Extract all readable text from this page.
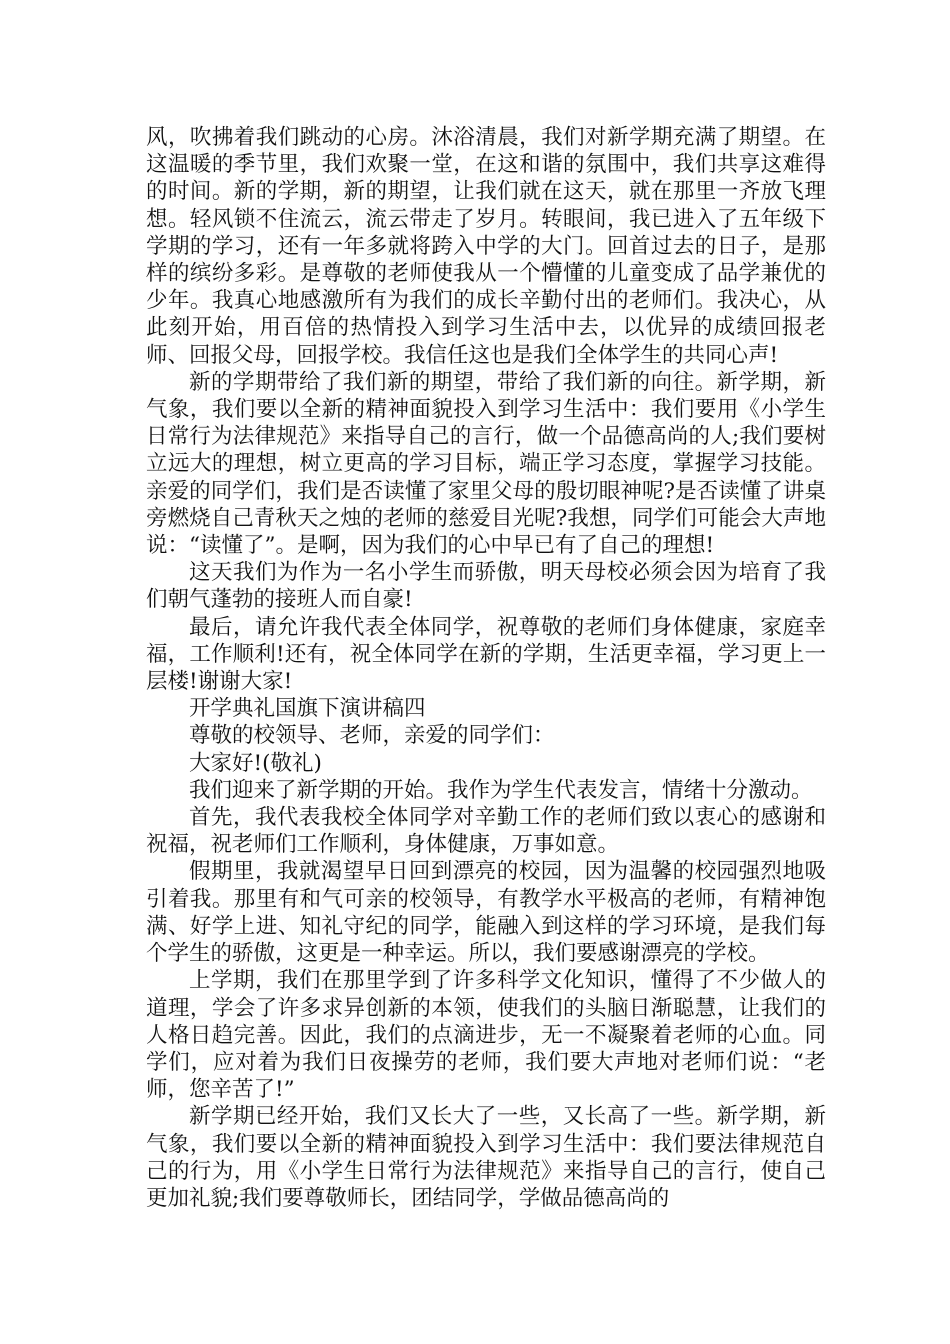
风，吹拂着我们跳动的心房。沐浴清晨，我们对新学期充满了期望。在这温暖的季节里，我们欢聚一堂，在这和谐的氛围中，我们共享这难得的时间。新的学期，新的期望，让我们就在这天，就在那里一齐放飞理想。轻风锁不住流云，流云带走了岁月。转眼间，我已进入了五年级下学期的学习，还有一年多就将跨入中学的大门。回首过去的日子，是那样的缤纷多彩。是尊敬的老师使我从一个懵懂的儿童变成了品学兼优的少年。我真心地感激所有为我们的成长辛勤付出的老师们。我决心，从此刻开始，用百倍的热情投入到学习生活中去，以优异的成绩回报老师、回报父母，回报学校。我信任这也是我们全体学生的共同心声!

新的学期带给了我们新的期望，带给了我们新的向往。新学期，新气象，我们要以全新的精神面貌投入到学习生活中：我们要用《小学生日常行为法律规范》来指导自己的言行，做一个品德高尚的人;我们要树立远大的理想，树立更高的学习目标，端正学习态度，掌握学习技能。亲爱的同学们，我们是否读懂了家里父母的殷切眼神呢?是否读懂了讲桌旁燃烧自己青秋天之烛的老师的慈爱目光呢?我想，同学们可能会大声地说：“读懂了”。是啊，因为我们的心中早已有了自己的理想!

这天我们为作为一名小学生而骄傲，明天母校必须会因为培育了我们朝气蓬勃的接班人而自豪!

最后，请允许我代表全体同学，祝尊敬的老师们身体健康，家庭幸福，工作顺利!还有，祝全体同学在新的学期，生活更幸福，学习更上一层楼!谢谢大家!

开学典礼国旗下演讲稿四

尊敬的校领导、老师，亲爱的同学们：

大家好!(敬礼)

我们迎来了新学期的开始。我作为学生代表发言，情绪十分激动。

首先，我代表我校全体同学对辛勤工作的老师们致以衷心的感谢和祝福，祝老师们工作顺利，身体健康，万事如意。

假期里，我就渴望早日回到漂亮的校园，因为温馨的校园强烈地吸引着我。那里有和气可亲的校领导，有教学水平极高的老师，有精神饱满、好学上进、知礼守纪的同学，能融入到这样的学习环境，是我们每个学生的骄傲，这更是一种幸运。所以，我们要感谢漂亮的学校。

上学期，我们在那里学到了许多科学文化知识，懂得了不少做人的道理，学会了许多求异创新的本领，使我们的头脑日渐聪慧，让我们的人格日趋完善。因此，我们的点滴进步，无一不凝聚着老师的心血。同学们，应对着为我们日夜操劳的老师，我们要大声地对老师们说：“老师，您辛苦了!”

新学期已经开始，我们又长大了一些，又长高了一些。新学期，新气象，我们要以全新的精神面貌投入到学习生活中：我们要法律规范自己的行为，用《小学生日常行为法律规范》来指导自己的言行，使自己更加礼貌;我们要尊敬师长，团结同学，学做品德高尚的
